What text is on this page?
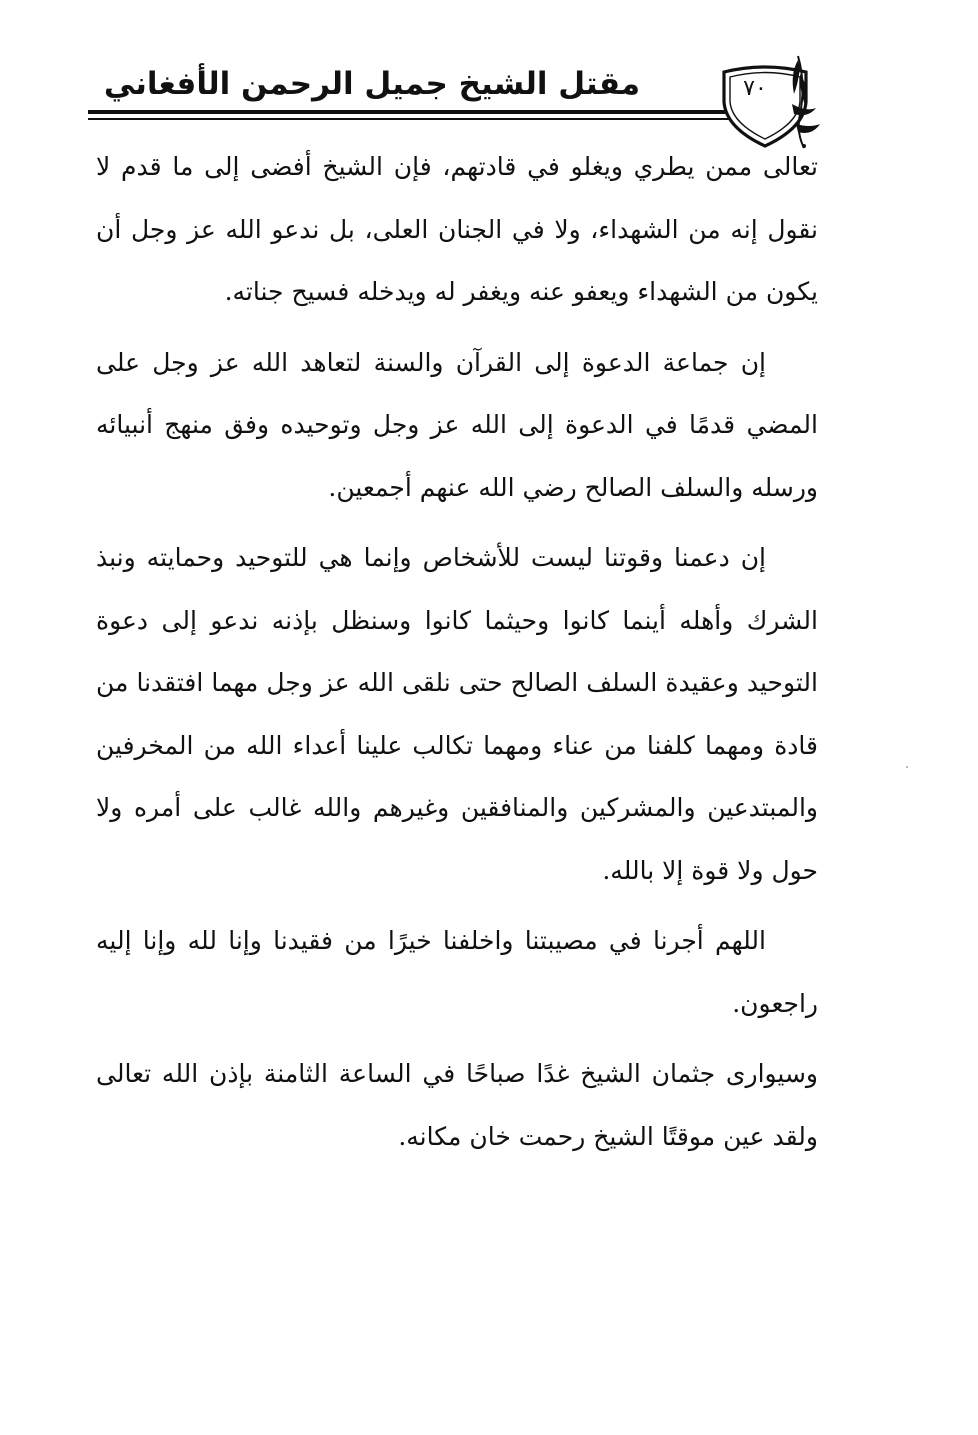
مقتل الشيخ جميل الرحمن الأفغاني	٧٠

تعالى ممن يطري ويغلو في قادتهم، فإن الشيخ أفضى إلى ما قدم لا نقول إنه من الشهداء، ولا في الجنان العلى، بل ندعو الله عز وجل أن يكون من الشهداء ويعفو عنه ويغفر له ويدخله فسيح جناته.

إن جماعة الدعوة إلى القرآن والسنة لتعاهد الله عز وجل على المضي قدمًا في الدعوة إلى الله عز وجل وتوحيده وفق منهج أنبيائه ورسله والسلف الصالح رضي الله عنهم أجمعين.

إن دعمنا وقوتنا ليست للأشخاص وإنما هي للتوحيد وحمايته ونبذ الشرك وأهله أينما كانوا وحيثما كانوا وسنظل بإذنه ندعو إلى دعوة التوحيد وعقيدة السلف الصالح حتى نلقى الله عز وجل مهما افتقدنا من قادة ومهما كلفنا من عناء ومهما تكالب علينا أعداء الله من المخرفين والمبتدعين والمشركين والمنافقين وغيرهم والله غالب على أمره ولا حول ولا قوة إلا بالله.

اللهم أجرنا في مصيبتنا واخلفنا خيرًا من فقيدنا وإنا لله وإنا إليه راجعون.

وسيوارى جثمان الشيخ غدًا صباحًا في الساعة الثامنة بإذن الله تعالى ولقد عين موقتًا الشيخ رحمت خان مكانه.
